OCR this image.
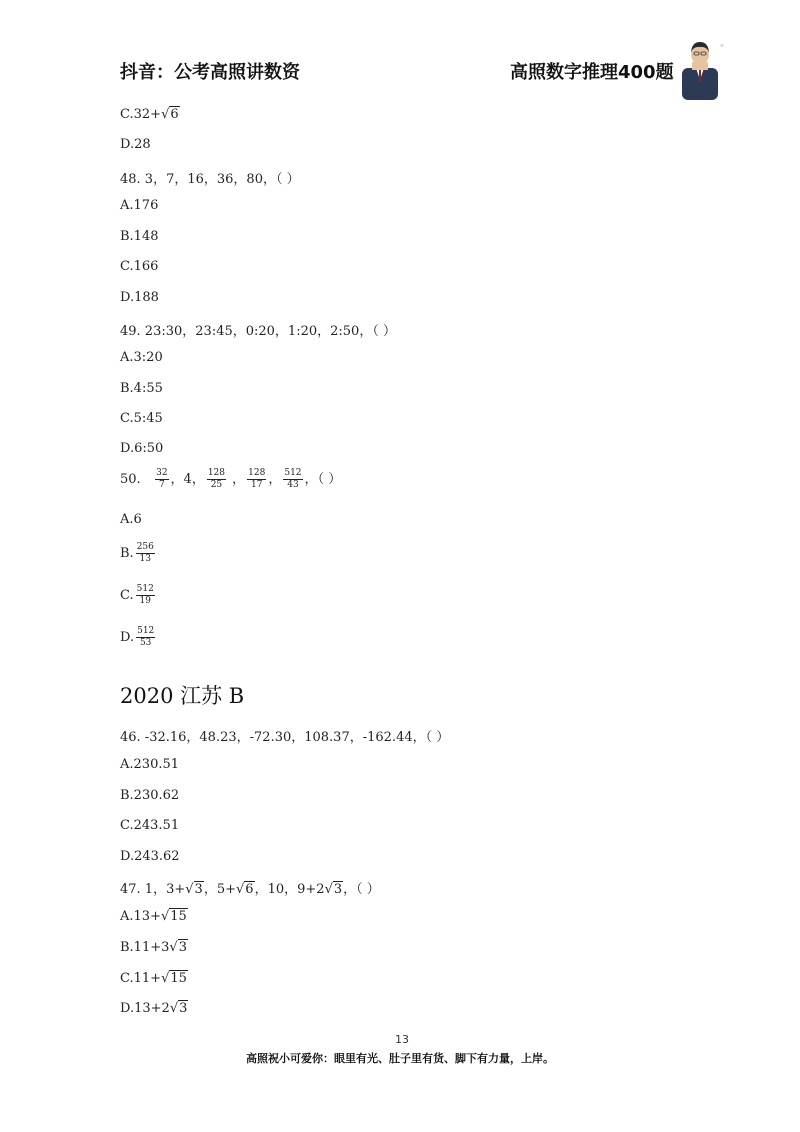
抖音：公考高照讲数资	高照数字推理400题
®
C.32+√6
D.28
48. 3，7，16，36，80，（ ）
A.176
B.148
C.166
D.188
49. 23:30，23:45，0:20，1:20，2:50，（ ）
A.3:20
B.4:55
C.5:45
D.6:50
50. $\frac{32}{7}$ ，4， $\frac{128}{25}$ ， $\frac{128}{17}$ ， $\frac{512}{43}$ ，（ ）
A.6
B. $\frac{256}{13}$
C. $\frac{512}{19}$
D. $\frac{512}{53}$
2020 江苏 B
46. -32.16，48.23，-72.30，108.37，-162.44，（ ）
A.230.51
B.230.62
C.243.51
D.243.62
47. 1，3+√3，5+√6，10，9+2√3，（ ）
A.13+√15
B.11+3√3
C.11+√15
D.13+2√3
13
高照祝小可爱你：眼里有光、肚子里有货、脚下有力量，上岸。
